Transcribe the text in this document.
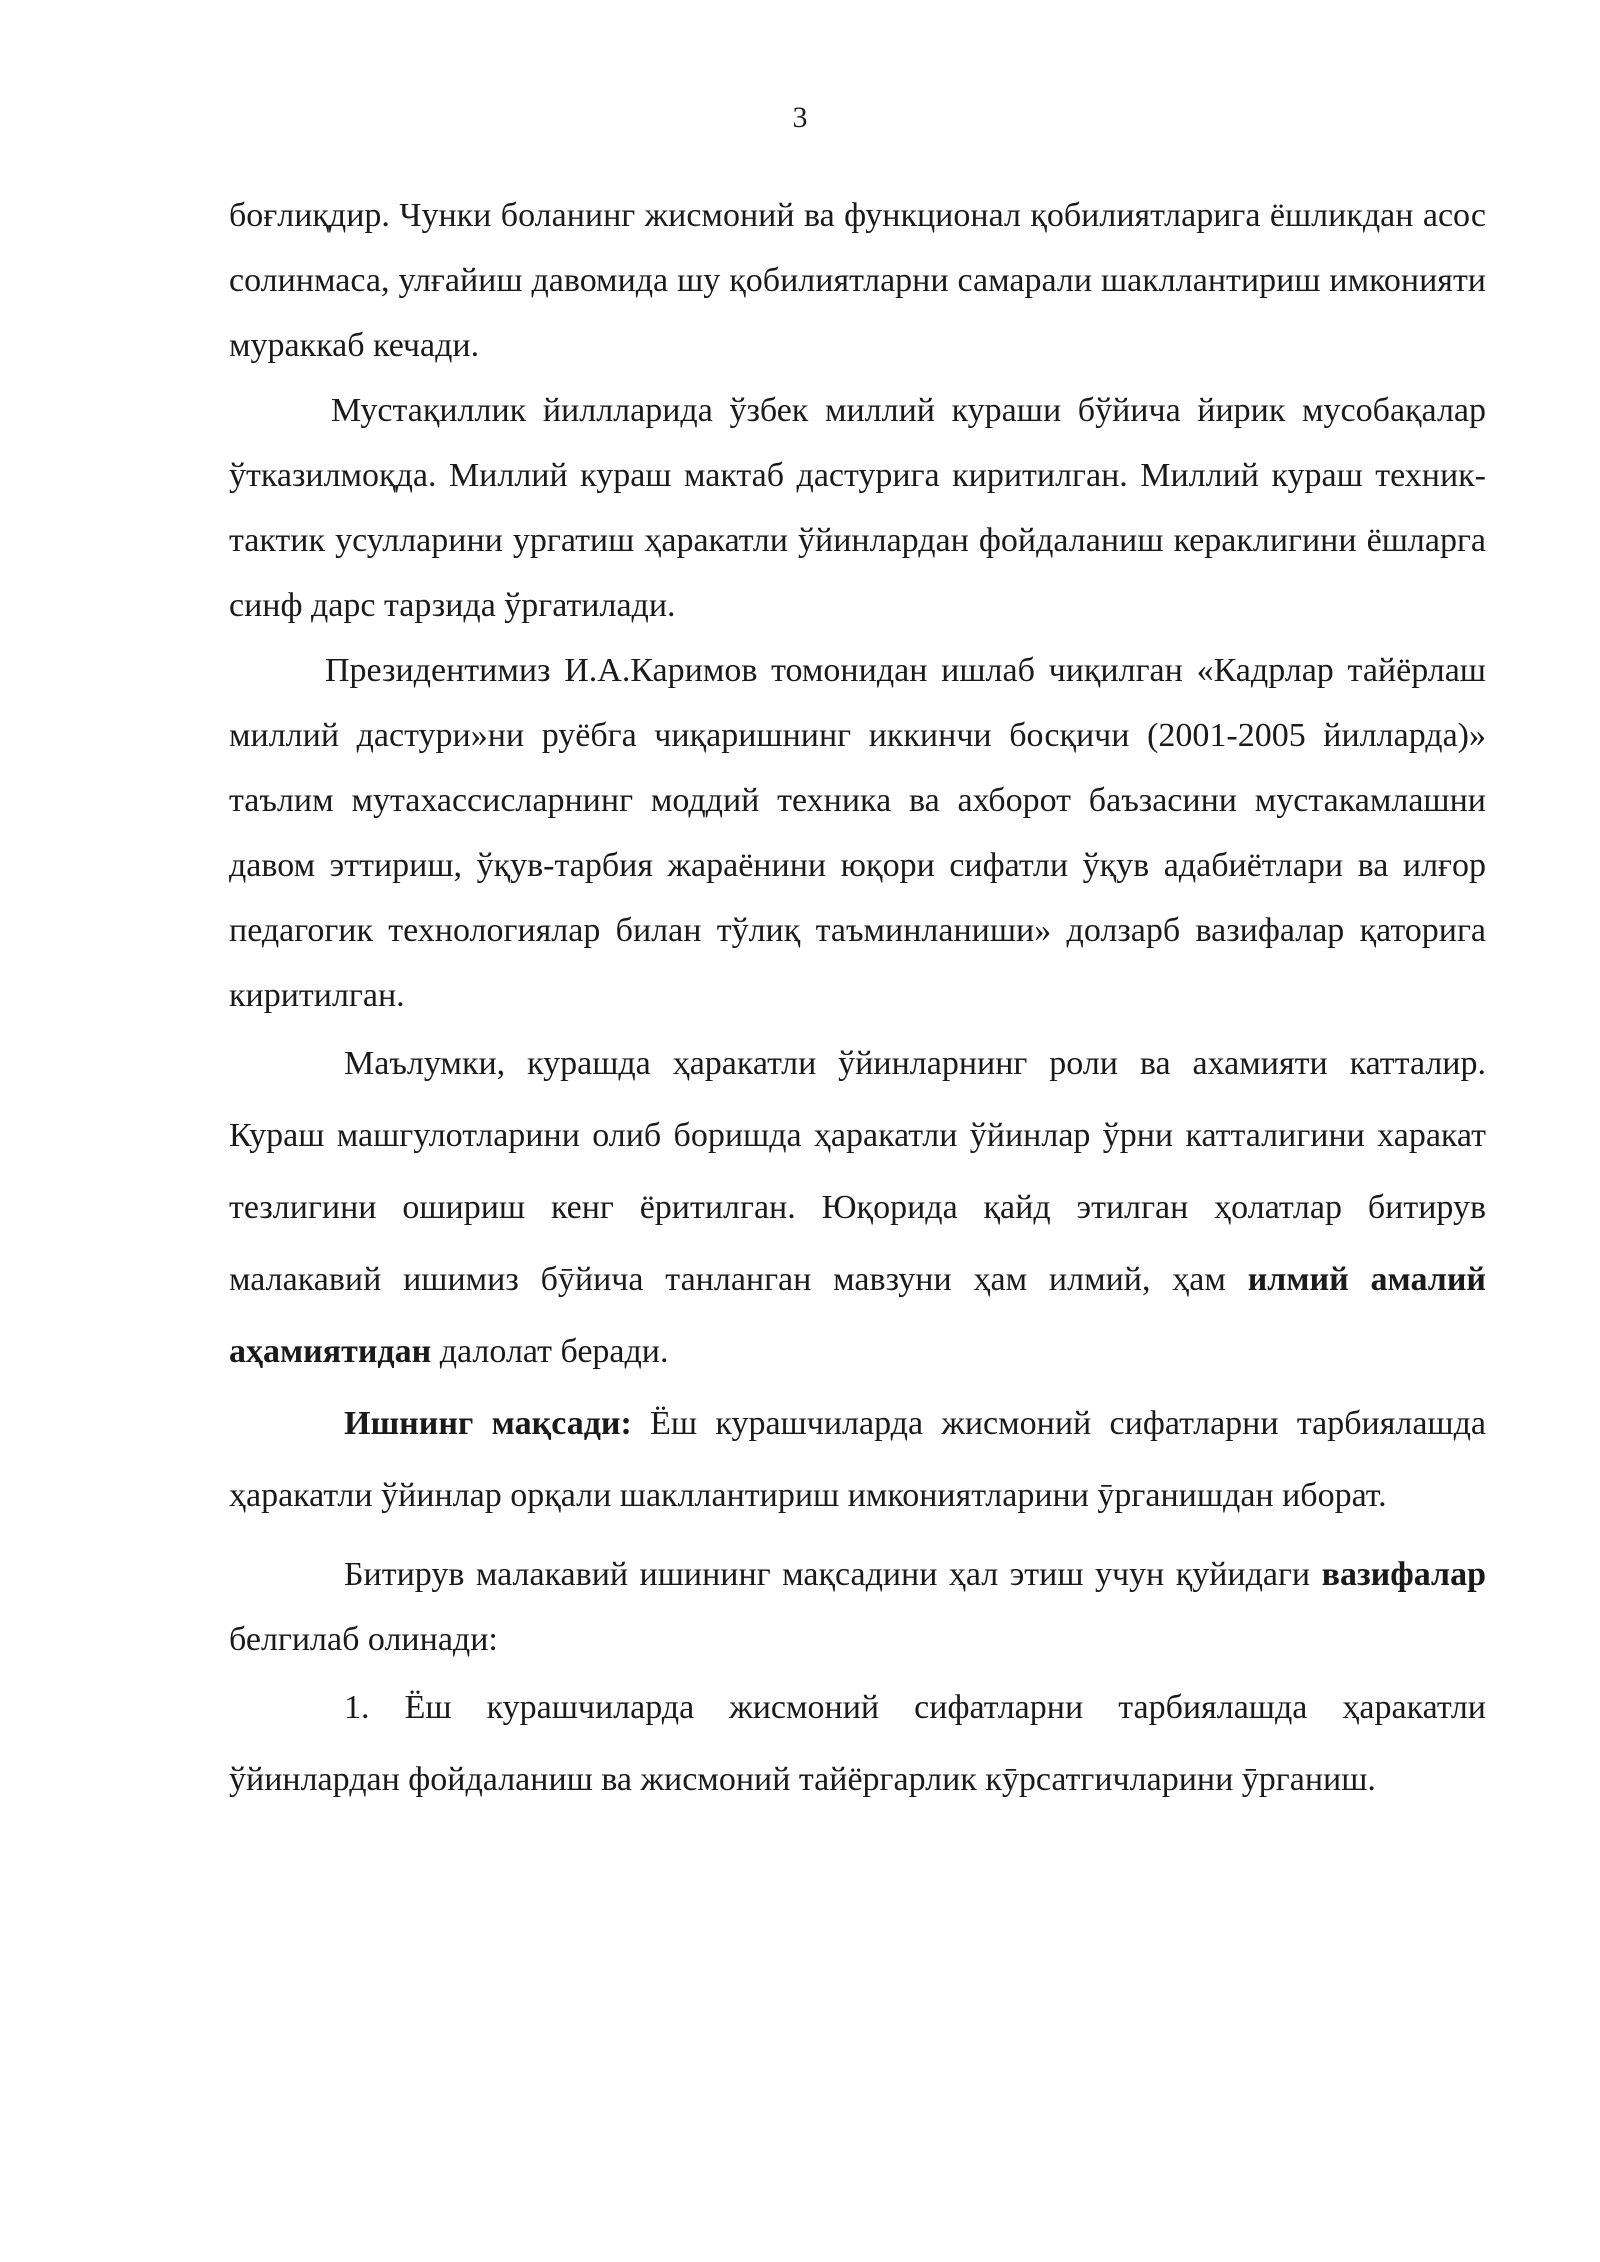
3

боғлиқдир. Чунки боланинг жисмоний ва функционал қобилиятларига ёшликдан асос солинмаса, улғайиш давомида шу қобилиятларни самарали шакллантириш имконияти мураккаб кечади.

Мустақиллик йиллларида ўзбек миллий кураши бўйича йирик мусобақалар ўтказилмоқда. Миллий кураш мактаб дастурига киритилган. Миллий кураш техник-тактик усулларини ургатиш ҳаракатли ўйинлардан фойдаланиш кераклигини ёшларга синф дарс тарзида ўргатилади.

Президентимиз И.А.Каримов томонидан ишлаб чиқилган «Кадрлар тайёрлаш миллий дастури»ни руёбга чиқаришнинг иккинчи босқичи (2001-2005 йилларда)» таълим мутахассисларнинг моддий техника ва ахборот баъзасини мустакамлашни давом эттириш, ўқув-тарбия жараёнини юқори сифатли ўқув адабиётлари ва илғор педагогик технологиялар билан тўлиқ таъминланиши» долзарб вазифалар қаторига киритилган.

Маълумки, курашда ҳаракатли ўйинларнинг роли ва ахамияти катталир. Кураш машгулотларини олиб боришда ҳаракатли ўйинлар ўрни катталигини харакат тезлигини ошириш кенг ёритилган. Юқорида қайд этилган ҳолатлар битирув малакавий ишимиз бӯйича танланган мавзуни ҳам илмий, ҳам илмий амалий аҳамиятидан далолат беради.

Ишнинг мақсади: Ёш курашчиларда жисмоний сифатларни тарбиялашда ҳаракатли ўйинлар орқали шакллантириш имкониятларини ӯрганишдан иборат.

Битирув малакавий ишининг мақсадини ҳал этиш учун қуйидаги вазифалар белгилаб олинади:

1. Ёш курашчиларда жисмоний сифатларни тарбиялашда ҳаракатли ўйинлардан фойдаланиш ва жисмоний тайёргарлик кӯрсатгичларини ӯрганиш.
